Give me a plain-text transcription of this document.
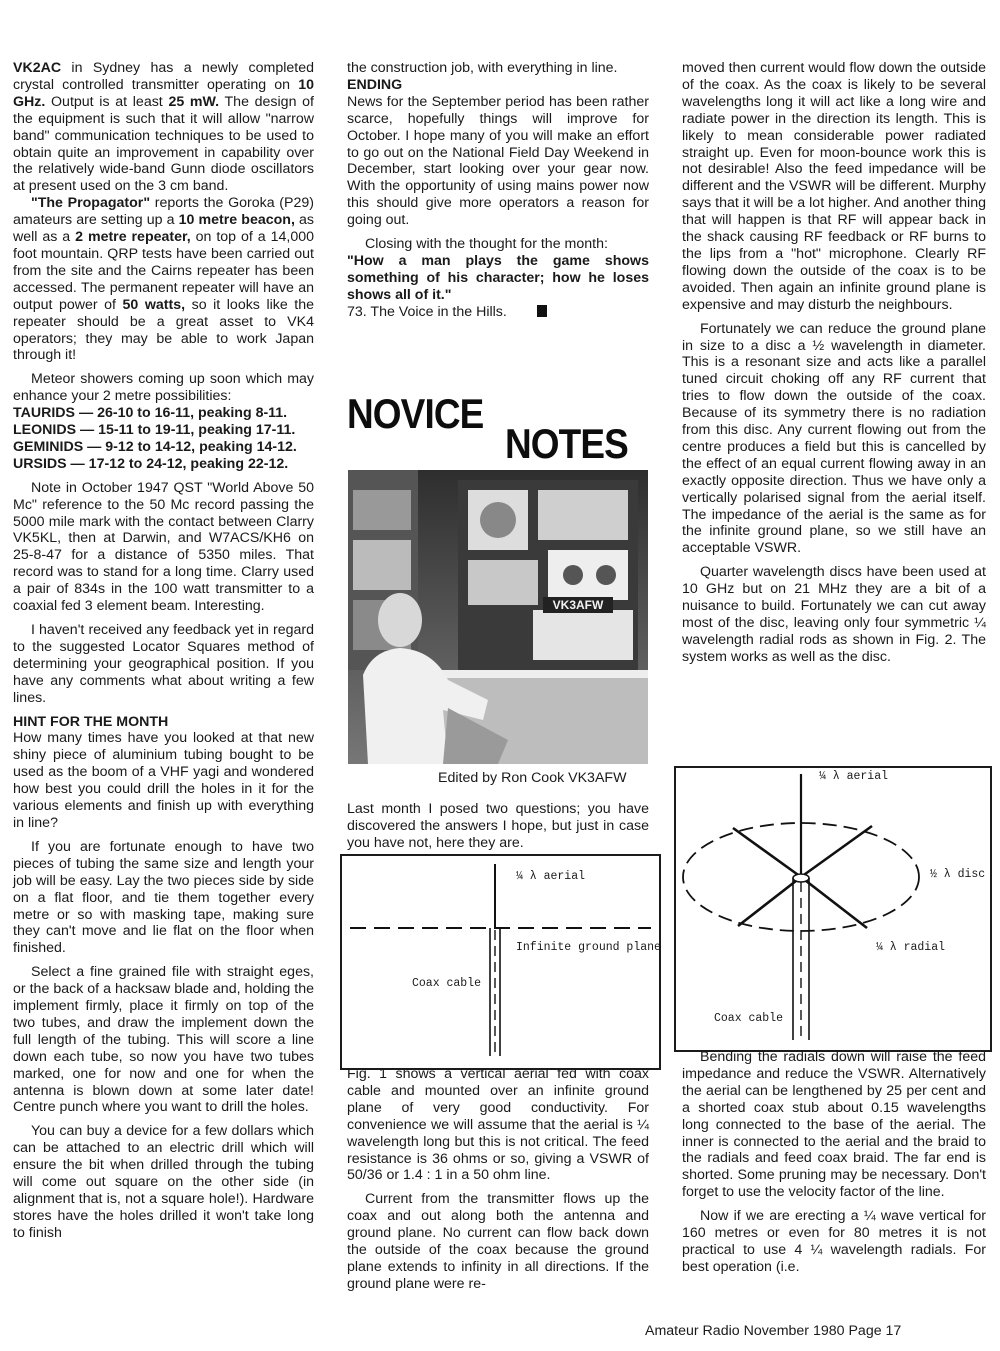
VK2AC in Sydney has a newly completed crystal controlled transmitter operating on 10 GHz. Output is at least 25 mW. The design of the equipment is such that it will allow "narrow band" communication techniques to be used to obtain quite an improvement in capability over the relatively wide-band Gunn diode oscillators at present used on the 3 cm band.

"The Propagator" reports the Goroka (P29) amateurs are setting up a 10 metre beacon, as well as a 2 metre repeater, on top of a 14,000 foot mountain. QRP tests have been carried out from the site and the Cairns repeater has been accessed. The permanent repeater will have an output power of 50 watts, so it looks like the repeater should be a great asset to VK4 operators; they may be able to work Japan through it!

Meteor showers coming up soon which may enhance your 2 metre possibilities:

TAURIDS — 26-10 to 16-11, peaking 8-11.

LEONIDS — 15-11 to 19-11, peaking 17-11.

GEMINIDS — 9-12 to 14-12, peaking 14-12.

URSIDS — 17-12 to 24-12, peaking 22-12.

Note in October 1947 QST "World Above 50 Mc" reference to the 50 Mc record passing the 5000 mile mark with the contact between Clarry VK5KL, then at Darwin, and W7ACS/KH6 on 25-8-47 for a distance of 5350 miles. That record was to stand for a long time. Clarry used a pair of 834s in the 100 watt transmitter to a coaxial fed 3 element beam. Interesting.

I haven't received any feedback yet in regard to the suggested Locator Squares method of determining your geographical position. If you have any comments what about writing a few lines.

HINT FOR THE MONTH

How many times have you looked at that new shiny piece of aluminium tubing bought to be used as the boom of a VHF yagi and wondered how best you could drill the holes in it for the various elements and finish up with everything in line?

If you are fortunate enough to have two pieces of tubing the same size and length your job will be easy. Lay the two pieces side by side on a flat floor, and tie them together every metre or so with masking tape, making sure they can't move and lie flat on the floor when finished.

Select a fine grained file with straight eges, or the back of a hacksaw blade and, holding the implement firmly, place it firmly on top of the two tubes, and draw the implement down the full length of the tubing. This will score a line down each tube, so now you have two tubes marked, one for now and one for when the antenna is blown down at some later date! Centre punch where you want to drill the holes.

You can buy a device for a few dollars which can be attached to an electric drill which will ensure the bit when drilled through the tubing will come out square on the other side (in alignment that is, not a square hole!). Hardware stores have the holes drilled it won't take long to finish

the construction job, with everything in line.

ENDING

News for the September period has been rather scarce, hopefully things will improve for October. I hope many of you will make an effort to go out on the National Field Day Weekend in December, start looking over your gear now. With the opportunity of using mains power now this should give more operators a reason for going out.

Closing with the thought for the month:

"How a man plays the game shows something of his character; how he loses shows all of it."

73. The Voice in the Hills.

NOVICE
NOTES
VK3AFW
Edited by Ron Cook VK3AFW

Last month I posed two questions; you have discovered the answers I hope, but just in case you have not, here they are.

¼ λ aerial
Infinite ground plane
Coax cable

Fig. 1 shows a vertical aerial fed with coax cable and mounted over an infinite ground plane of very good conductivity. For convenience we will assume that the aerial is ¼ wavelength long but this is not critical. The feed resistance is 36 ohms or so, giving a VSWR of 50/36 or 1.4 : 1 in a 50 ohm line.

Current from the transmitter flows up the coax and out along both the antenna and ground plane. No current can flow back down the outside of the coax because the ground plane extends to infinity in all directions. If the ground plane were re-

moved then current would flow down the outside of the coax. As the coax is likely to be several wavelengths long it will act like a long wire and radiate power in the direction its length. This is likely to mean considerable power radiated straight up. Even for moon-bounce work this is not desirable! Also the feed impedance will be different and the VSWR will be different. Murphy says that it will be a lot higher. And another thing that will happen is that RF will appear back in the shack causing RF feedback or RF burns to the lips from a "hot" microphone. Clearly RF flowing down the outside of the coax is to be avoided. Then again an infinite ground plane is expensive and may disturb the neighbours.

Fortunately we can reduce the ground plane in size to a disc a ½ wavelength in diameter. This is a resonant size and acts like a parallel tuned circuit choking off any RF current that tries to flow down the outside of the coax. Because of its symmetry there is no radiation from this disc. Any current flowing out from the centre produces a field but this is cancelled by the effect of an equal current flowing away in an exactly opposite direction. Thus we have only a vertically polarised signal from the aerial itself. The impedance of the aerial is the same as for the infinite ground plane, so we still have an acceptable VSWR.

Quarter wavelength discs have been used at 10 GHz but on 21 MHz they are a bit of a nuisance to build. Fortunately we can cut away most of the disc, leaving only four symmetric ¼ wavelength radial rods as shown in Fig. 2. The system works as well as the disc.

¼ λ aerial
½ λ disc
¼ λ radial
Coax cable

Bending the radials down will raise the feed impedance and reduce the VSWR. Alternatively the aerial can be lengthened by 25 per cent and a shorted coax stub about 0.15 wavelengths long connected to the base of the aerial. The inner is connected to the aerial and the braid to the radials and feed coax braid. The far end is shorted. Some pruning may be necessary. Don't forget to use the velocity factor of the line.

Now if we are erecting a ¼ wave vertical for 160 metres or even for 80 metres it is not practical to use 4 ¼ wavelength radials. For best operation (i.e.

Amateur Radio November 1980 Page 17
